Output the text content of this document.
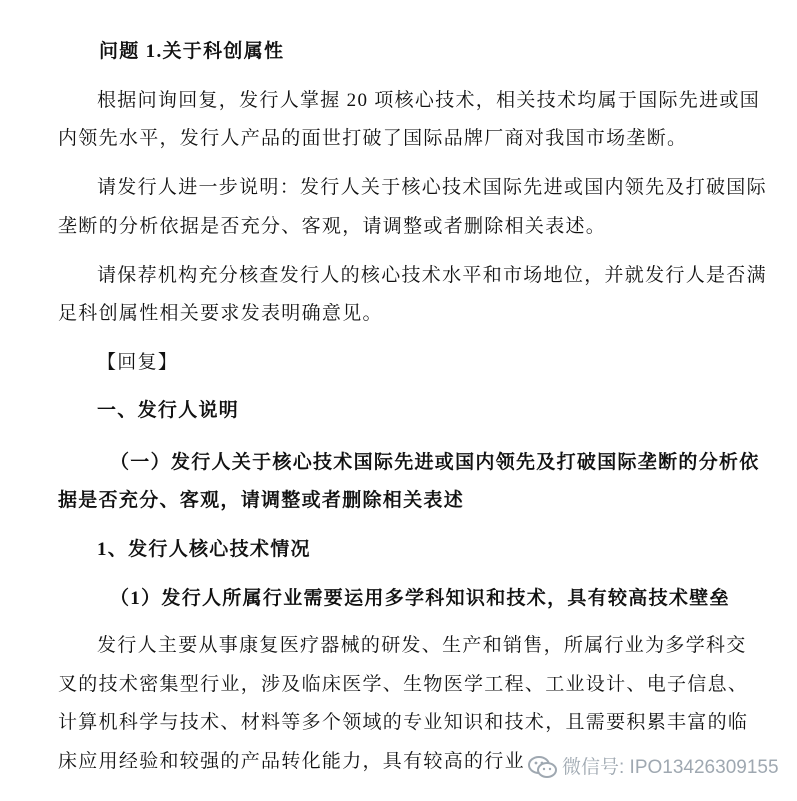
问题 1.关于科创属性
根据问询回复，发行人掌握 20 项核心技术，相关技术均属于国际先进或国
内领先水平，发行人产品的面世打破了国际品牌厂商对我国市场垄断。
请发行人进一步说明：发行人关于核心技术国际先进或国内领先及打破国际
垄断的分析依据是否充分、客观，请调整或者删除相关表述。
请保荐机构充分核查发行人的核心技术水平和市场地位，并就发行人是否满
足科创属性相关要求发表明确意见。
【回复】
一、发行人说明
（一）发行人关于核心技术国际先进或国内领先及打破国际垄断的分析依
据是否充分、客观，请调整或者删除相关表述
1、发行人核心技术情况
（1）发行人所属行业需要运用多学科知识和技术，具有较高技术壁垒
发行人主要从事康复医疗器械的研发、生产和销售，所属行业为多学科交
叉的技术密集型行业，涉及临床医学、生物医学工程、工业设计、电子信息、
计算机科学与技术、材料等多个领域的专业知识和技术，且需要积累丰富的临
床应用经验和较强的产品转化能力，具有较高的行业	微信号: IPO13426309155
